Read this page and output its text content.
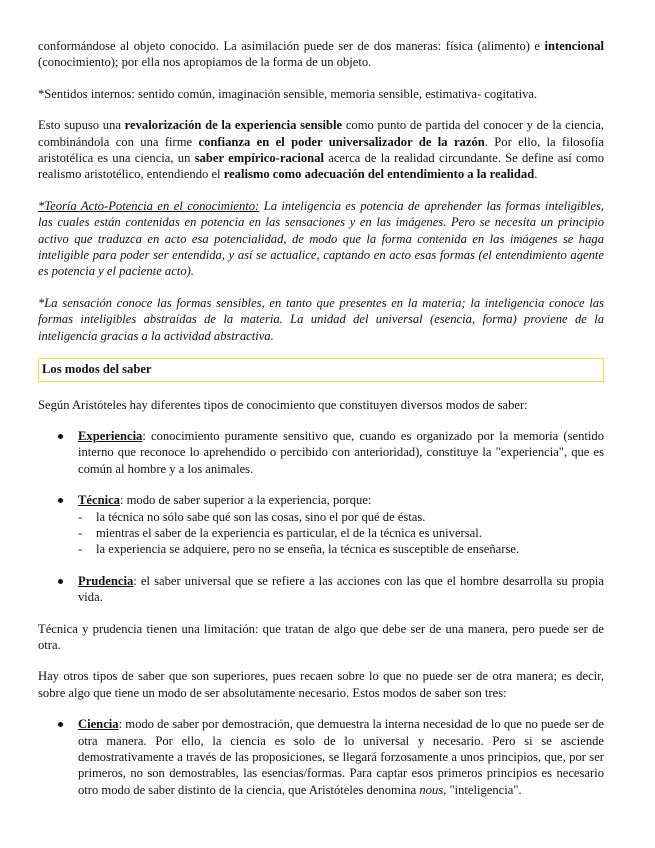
conformándose al objeto conocido. La asimilación puede ser de dos maneras: física (alimento) e intencional (conocimiento); por ella nos apropiamos de la forma de un objeto.

*Sentidos internos: sentido común, imaginación sensible, memoria sensible, estimativa- cogitativa.

Esto supuso una revalorización de la experiencia sensible como punto de partida del conocer y de la ciencia, combinándola con una firme confianza en el poder universalizador de la razón. Por ello, la filosofía aristotélica es una ciencia, un saber empírico-racional acerca de la realidad circundante. Se define así como realismo aristotélico, entendiendo el realismo como adecuación del entendimiento a la realidad.

*Teoría Acto-Potencia en el conocimiento: La inteligencia es potencia de aprehender las formas inteligibles, las cuales están contenidas en potencia en las sensaciones y en las imágenes. Pero se necesita un principio activo que traduzca en acto esa potencialidad, de modo que la forma contenida en las imágenes se haga inteligible para poder ser entendida, y así se actualice, captando en acto esas formas (el entendimiento agente es potencia y el paciente acto).

*La sensación conoce las formas sensibles, en tanto que presentes en la materia; la inteligencia conoce las formas inteligibles abstraídas de la materia. La unidad del universal (esencia, forma) proviene de la inteligencia gracias a la actividad abstractiva.

Los modos del saber

Según Aristóteles hay diferentes tipos de conocimiento que constituyen diversos modos de saber:

Experiencia: conocimiento puramente sensitivo que, cuando es organizado por la memoria (sentido interno que reconoce lo aprehendido o percibido con anterioridad), constituye la "experiencia", que es común al hombre y a los animales.

Técnica: modo de saber superior a la experiencia, porque:

- la técnica no sólo sabe qué son las cosas, sino el por qué de éstas.
- mientras el saber de la experiencia es particular, el de la técnica es universal.
- la experiencia se adquiere, pero no se enseña, la técnica es susceptible de enseñarse.

Prudencia: el saber universal que se refiere a las acciones con las que el hombre desarrolla su propia vida.

Técnica y prudencia tienen una limitación: que tratan de algo que debe ser de una manera, pero puede ser de otra.

Hay otros tipos de saber que son superiores, pues recaen sobre lo que no puede ser de otra manera; es decir, sobre algo que tiene un modo de ser absolutamente necesario. Estos modos de saber son tres:

Ciencia: modo de saber por demostración, que demuestra la interna necesidad de lo que no puede ser de otra manera. Por ello, la ciencia es solo de lo universal y necesario. Pero si se asciende demostrativamente a través de las proposiciones, se llegará forzosamente a unos principios, que, por ser primeros, no son demostrables, las esencias/formas. Para captar esos primeros principios es necesario otro modo de saber distinto de la ciencia, que Aristóteles denomina nous, "inteligencia".
